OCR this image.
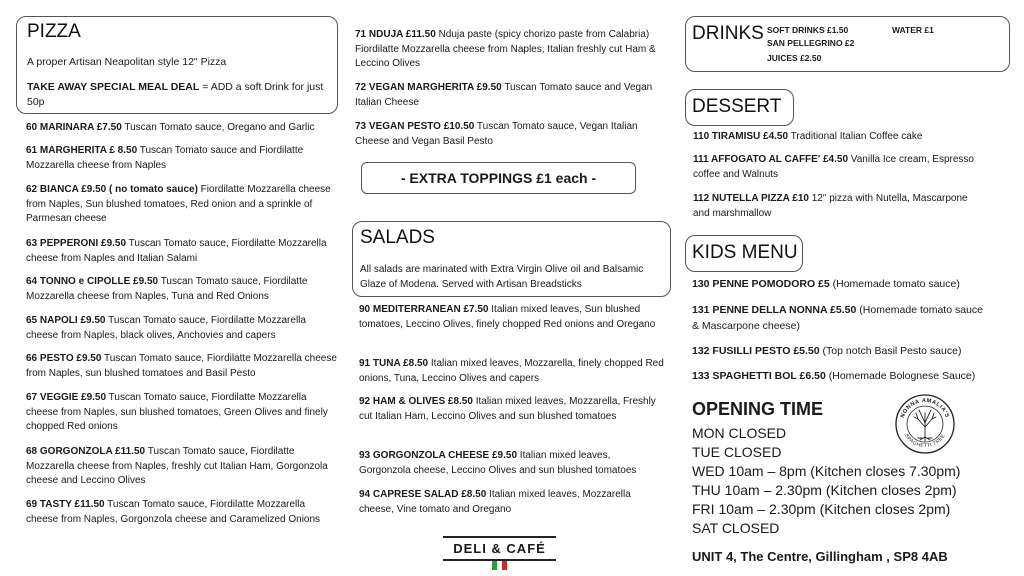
PIZZA
A proper Artisan Neapolitan style 12" Pizza
TAKE AWAY SPECIAL MEAL DEAL = ADD a soft Drink for just 50p
60 MARINARA £7.50 Tuscan Tomato sauce, Oregano and Garlic
61 MARGHERITA £ 8.50 Tuscan Tomato sauce and Fiordilatte Mozzarella cheese from Naples
62 BIANCA £9.50 ( no tomato sauce) Fiordilatte Mozzarella cheese from Naples, Sun blushed tomatoes, Red onion and a sprinkle of Parmesan cheese
63 PEPPERONI £9.50 Tuscan Tomato sauce, Fiordilatte Mozzarella cheese from Naples and Italian Salami
64 TONNO e CIPOLLE £9.50 Tuscan Tomato sauce, Fiordilatte Mozzarella cheese from Naples, Tuna and Red Onions
65 NAPOLI £9.50 Tuscan Tomato sauce, Fiordilatte Mozzarella cheese from Naples, black olives, Anchovies and capers
66 PESTO £9.50 Tuscan Tomato sauce, Fiordilatte Mozzarella cheese from Naples, sun blushed tomatoes and Basil Pesto
67 VEGGIE £9.50 Tuscan Tomato sauce, Fiordilatte Mozzarella cheese from Naples, sun blushed tomatoes, Green Olives and finely chopped Red onions
68 GORGONZOLA £11.50 Tuscan Tomato sauce, Fiordilatte Mozzarella cheese from Naples, freshly cut Italian Ham, Gorgonzola cheese and Leccino Olives
69 TASTY £11.50 Tuscan Tomato sauce, Fiordilatte Mozzarella cheese from Naples, Gorgonzola cheese and Caramelized Onions
71 NDUJA £11.50 Nduja paste (spicy chorizo paste from Calabria) Fiordilatte Mozzarella cheese from Naples, Italian freshly cut Ham & Leccino Olives
72 VEGAN MARGHERITA £9.50 Tuscan Tomato sauce and Vegan Italian Cheese
73 VEGAN PESTO £10.50 Tuscan Tomato sauce, Vegan Italian Cheese and Vegan Basil Pesto
- EXTRA TOPPINGS £1 each -
SALADS
All salads are marinated with Extra Virgin Olive oil and Balsamic Glaze of Modena. Served with Artisan Breadsticks
90 MEDITERRANEAN £7.50 Italian mixed leaves, Sun blushed tomatoes, Leccino Olives, finely chopped Red onions and Oregano
91 TUNA £8.50 Italian mixed leaves, Mozzarella, finely chopped Red onions, Tuna, Leccino Olives and capers
92 HAM & OLIVES £8.50 Italian mixed leaves, Mozzarella, Freshly cut Italian Ham, Leccino Olives and sun blushed tomatoes
93 GORGONZOLA CHEESE £9.50 Italian mixed leaves, Gorgonzola cheese, Leccino Olives and sun blushed tomatoes
94 CAPRESE SALAD £8.50 Italian mixed leaves, Mozzarella cheese, Vine tomato and Oregano
DELI & CAFÉ
DRINKS SOFT DRINKS £1.50	WATER £1
SAN PELLEGRINO £2
JUICES £2.50
DESSERT
110 TIRAMISU £4.50 Traditional Italian Coffee cake
111 AFFOGATO AL CAFFE' £4.50 Vanilla Ice cream, Espresso coffee and Walnuts
112 NUTELLA PIZZA £10 12" pizza with Nutella, Mascarpone and marshmallow
KIDS MENU
130 PENNE POMODORO £5 (Homemade tomato sauce)
131 PENNE DELLA NONNA £5.50 (Homemade tomato sauce & Mascarpone cheese)
132 FUSILLI PESTO £5.50 (Top notch Basil Pesto sauce)
133 SPAGHETTI BOL £6.50 (Homemade Bolognese Sauce)
OPENING TIME
MON CLOSED
TUE CLOSED
WED 10am – 8pm (Kitchen closes 7.30pm)
THU 10am – 2.30pm (Kitchen closes 2pm)
FRI 10am – 2.30pm (Kitchen closes 2pm)
SAT CLOSED
NONNA AMALIA'S
SPAGHETTI TREE
UNIT 4, The Centre, Gillingham , SP8 4AB
